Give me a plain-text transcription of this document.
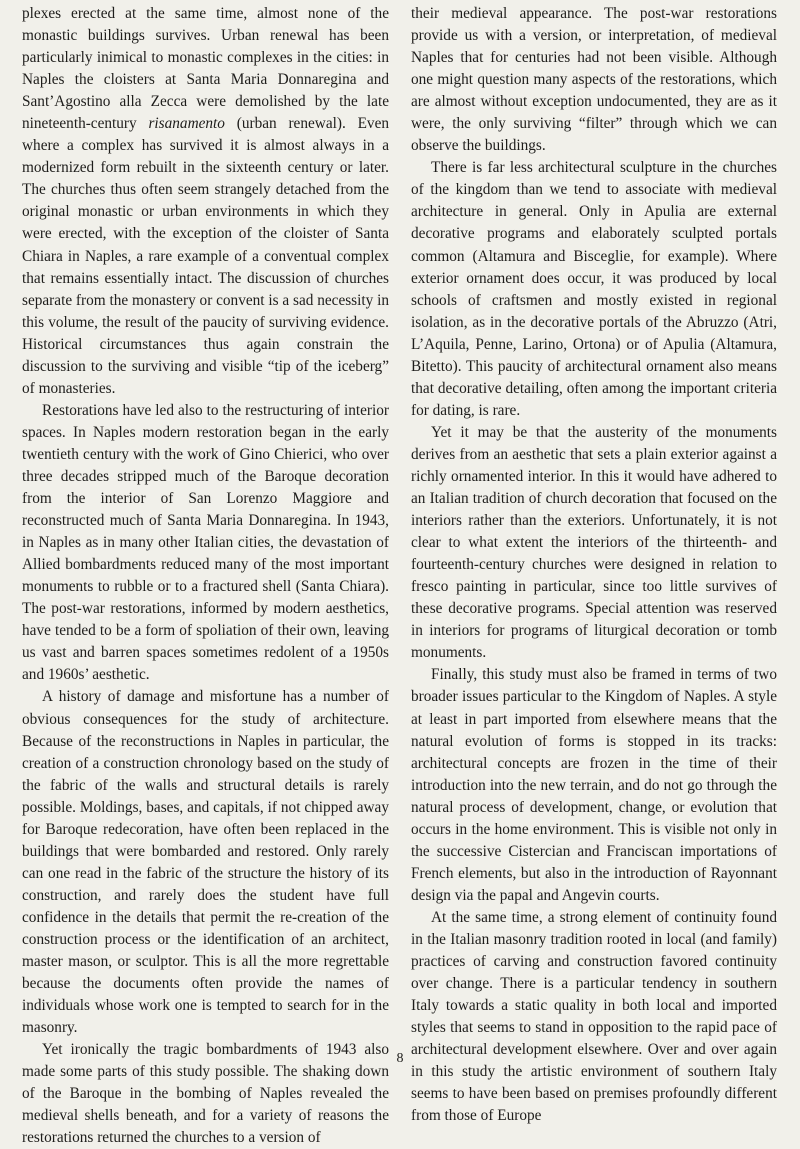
plexes erected at the same time, almost none of the monastic buildings survives. Urban renewal has been particularly inimical to monastic complexes in the cities: in Naples the cloisters at Santa Maria Donnaregina and Sant’Agostino alla Zecca were demolished by the late nineteenth-century risanamento (urban renewal). Even where a complex has survived it is almost always in a modernized form rebuilt in the sixteenth century or later. The churches thus often seem strangely detached from the original monastic or urban environments in which they were erected, with the exception of the cloister of Santa Chiara in Naples, a rare example of a conventual complex that remains essentially intact. The discussion of churches separate from the monastery or convent is a sad necessity in this volume, the result of the paucity of surviving evidence. Historical circumstances thus again constrain the discussion to the surviving and visible “tip of the iceberg” of monasteries.

Restorations have led also to the restructuring of interior spaces. In Naples modern restoration began in the early twentieth century with the work of Gino Chierici, who over three decades stripped much of the Baroque decoration from the interior of San Lorenzo Maggiore and reconstructed much of Santa Maria Donnaregina. In 1943, in Naples as in many other Italian cities, the devastation of Allied bombardments reduced many of the most important monuments to rubble or to a fractured shell (Santa Chiara). The post-war restorations, informed by modern aesthetics, have tended to be a form of spoliation of their own, leaving us vast and barren spaces sometimes redolent of a 1950s and 1960s’ aesthetic.

A history of damage and misfortune has a number of obvious consequences for the study of architecture. Because of the reconstructions in Naples in particular, the creation of a construction chronology based on the study of the fabric of the walls and structural details is rarely possible. Moldings, bases, and capitals, if not chipped away for Baroque redecoration, have often been replaced in the buildings that were bombarded and restored. Only rarely can one read in the fabric of the structure the history of its construction, and rarely does the student have full confidence in the details that permit the re-creation of the construction process or the identification of an architect, master mason, or sculptor. This is all the more regrettable because the documents often provide the names of individuals whose work one is tempted to search for in the masonry.

Yet ironically the tragic bombardments of 1943 also made some parts of this study possible. The shaking down of the Baroque in the bombing of Naples revealed the medieval shells beneath, and for a variety of reasons the restorations returned the churches to a version of

their medieval appearance. The post-war restorations provide us with a version, or interpretation, of medieval Naples that for centuries had not been visible. Although one might question many aspects of the restorations, which are almost without exception undocumented, they are as it were, the only surviving “filter” through which we can observe the buildings.

There is far less architectural sculpture in the churches of the kingdom than we tend to associate with medieval architecture in general. Only in Apulia are external decorative programs and elaborately sculpted portals common (Altamura and Bisceglie, for example). Where exterior ornament does occur, it was produced by local schools of craftsmen and mostly existed in regional isolation, as in the decorative portals of the Abruzzo (Atri, L’Aquila, Penne, Larino, Ortona) or of Apulia (Altamura, Bitetto). This paucity of architectural ornament also means that decorative detailing, often among the important criteria for dating, is rare.

Yet it may be that the austerity of the monuments derives from an aesthetic that sets a plain exterior against a richly ornamented interior. In this it would have adhered to an Italian tradition of church decoration that focused on the interiors rather than the exteriors. Unfortunately, it is not clear to what extent the interiors of the thirteenth- and fourteenth-century churches were designed in relation to fresco painting in particular, since too little survives of these decorative programs. Special attention was reserved in interiors for programs of liturgical decoration or tomb monuments.

Finally, this study must also be framed in terms of two broader issues particular to the Kingdom of Naples. A style at least in part imported from elsewhere means that the natural evolution of forms is stopped in its tracks: architectural concepts are frozen in the time of their introduction into the new terrain, and do not go through the natural process of development, change, or evolution that occurs in the home environment. This is visible not only in the successive Cistercian and Franciscan importations of French elements, but also in the introduction of Rayonnant design via the papal and Angevin courts.

At the same time, a strong element of continuity found in the Italian masonry tradition rooted in local (and family) practices of carving and construction favored continuity over change. There is a particular tendency in southern Italy towards a static quality in both local and imported styles that seems to stand in opposition to the rapid pace of architectural development elsewhere. Over and over again in this study the artistic environment of southern Italy seems to have been based on premises profoundly different from those of Europe

8
